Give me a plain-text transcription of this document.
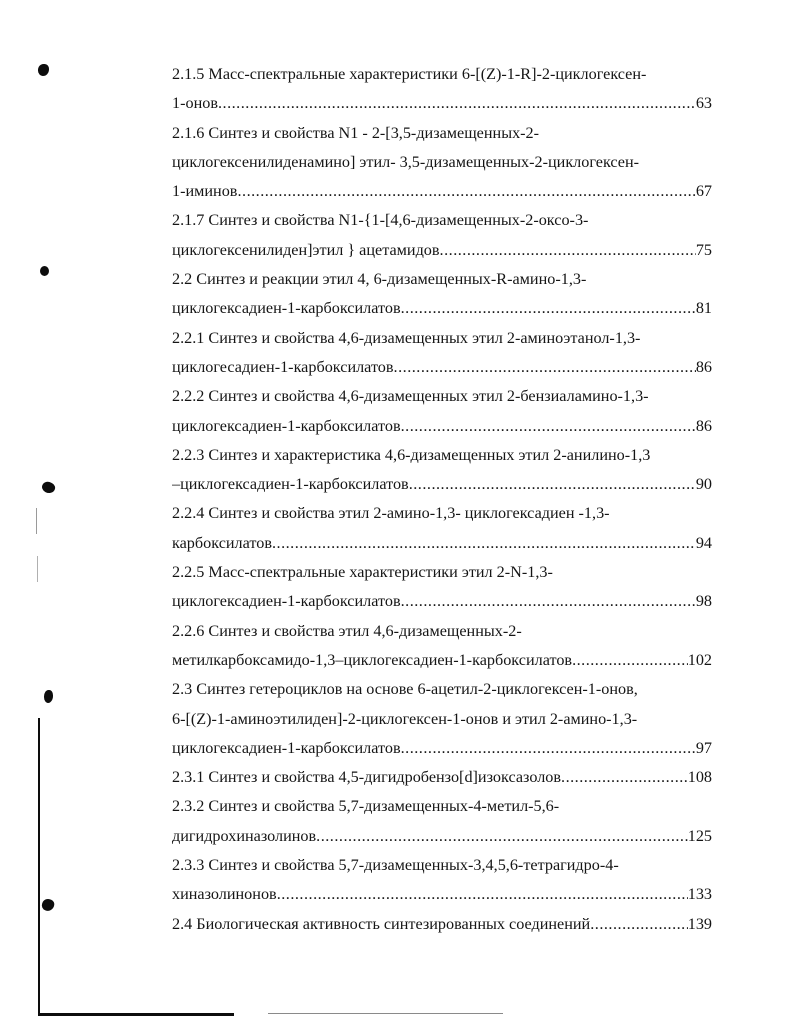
2.1.5 Масс-спектральные характеристики 6-[(Z)-1-R]-2-циклогексен-
1-онов .....	63
2.1.6 Синтез и свойства N1 - 2-[3,5-дизамещенных-2-
циклогексенилиденамино] этил- 3,5-дизамещенных-2-циклогексен-
1-иминов .....	67
2.1.7 Синтез и свойства N1-{1-[4,6-дизамещенных-2-оксо-3-
циклогексенилиден]этил } ацетамидов .....	75
2.2 Синтез и реакции этил 4, 6-дизамещенных-R-амино-1,3-
циклогексадиен-1-карбоксилатов .....	81
2.2.1 Синтез и свойства 4,6-дизамещенных этил 2-аминоэтанол-1,3-
циклогесадиен-1-карбоксилатов .....	86
2.2.2 Синтез и свойства 4,6-дизамещенных этил 2-бензиаламино-1,3-
циклогексадиен-1-карбоксилатов .....	86
2.2.3 Синтез и характеристика 4,6-дизамещенных этил 2-анилино-1,3
–циклогексадиен-1-карбоксилатов .....	90
2.2.4 Синтез и свойства этил 2-амино-1,3- циклогексадиен -1,3-
карбоксилатов .....	94
2.2.5 Масс-спектральные характеристики этил 2-N-1,3-
циклогексадиен-1-карбоксилатов .....	98
2.2.6 Синтез и свойства этил 4,6-дизамещенных-2-
метилкарбоксамидо-1,3–циклогексадиен-1-карбоксилатов .....	102
2.3 Синтез гетероциклов на основе 6-ацетил-2-циклогексен-1-онов,
6-[(Z)-1-аминоэтилиден]-2-циклогексен-1-онов и этил 2-амино-1,3-
циклогексадиен-1-карбоксилатов .....	97
2.3.1 Синтез и свойства 4,5-дигидробензо[d]изоксазолов .....	108
2.3.2 Синтез и свойства 5,7-дизамещенных-4-метил-5,6-
дигидрохиназолинов .....	125
2.3.3 Синтез и свойства 5,7-дизамещенных-3,4,5,6-тетрагидро-4-
хиназолинонов .....	133
2.4 Биологическая активность синтезированных соединений .....	139
